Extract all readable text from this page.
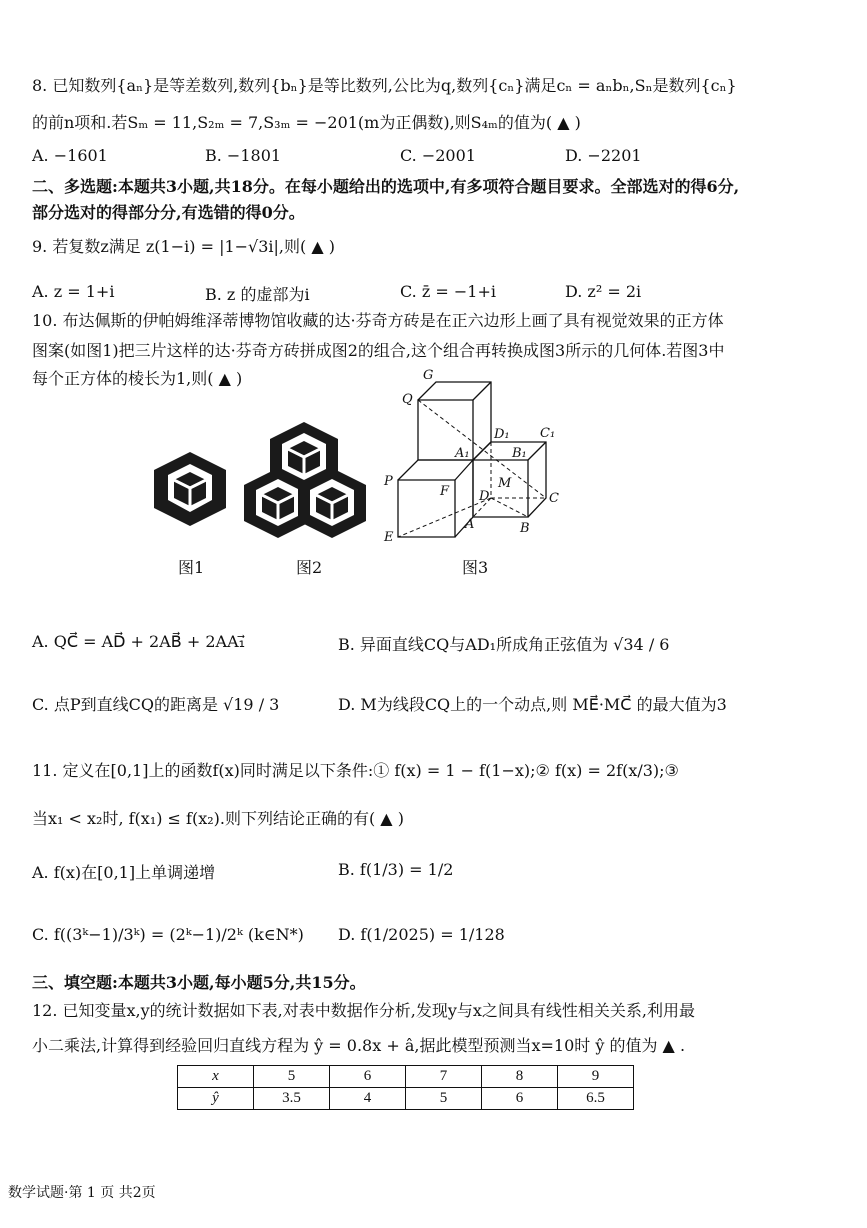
8. 已知数列{aₙ}是等差数列,数列{bₙ}是等比数列,公比为q,数列{cₙ}满足cₙ = aₙbₙ,Sₙ是数列{cₙ}
的前n项和.若Sₘ = 11,S₂ₘ = 7,S₃ₘ = −201(m为正偶数),则S₄ₘ的值为( ▲ )
A. −1601	B. −1801	C. −2001	D. −2201
二、多选题:本题共3小题,共18分。在每小题给出的选项中,有多项符合题目要求。全部选对的得6分,
部分选对的得部分分,有选错的得0分。
9. 若复数z满足 z(1−i) = |1−√3i|,则( ▲ )
A. z = 1+i	B. z 的虚部为i	C. z̄ = −1+i	D. z² = 2i
10. 布达佩斯的伊帕姆维泽蒂博物馆收藏的达·芬奇方砖是在正六边形上画了具有视觉效果的正方体
图案(如图1)把三片这样的达·芬奇方砖拼成图2的组合,这个组合再转换成图3所示的几何体.若图3中
每个正方体的棱长为1,则( ▲ )	G
Q
D₁ C₁
A₁	B₁
P
F
M
D	C
E
A	B
图1	图2	图3
A. QC⃗ = AD⃗ + 2AB⃗ + 2AA₁⃗	B. 异面直线CQ与AD₁所成角正弦值为 √34 / 6
C. 点P到直线CQ的距离是 √19 / 3	D. M为线段CQ上的一个动点,则 ME⃗·MC⃗ 的最大值为3
11. 定义在[0,1]上的函数f(x)同时满足以下条件:① f(x) = 1 − f(1−x);② f(x) = 2f(x/3);③
当x₁ < x₂时, f(x₁) ≤ f(x₂).则下列结论正确的有( ▲ )
A. f(x)在[0,1]上单调递增	B. f(1/3) = 1/2
C. f((3ᵏ−1)/3ᵏ) = (2ᵏ−1)/2ᵏ (k∈N*) D. f(1/2025) = 1/128
三、填空题:本题共3小题,每小题5分,共15分。
12. 已知变量x,y的统计数据如下表,对表中数据作分析,发现y与x之间具有线性相关关系,利用最
小二乘法,计算得到经验回归直线方程为 ŷ = 0.8x + â,据此模型预测当x=10时 ŷ 的值为 ▲ .
x	5	6	7	8	9
ŷ	3.5	4	5	6	6.5
数学试题·第 1 页 共2页
